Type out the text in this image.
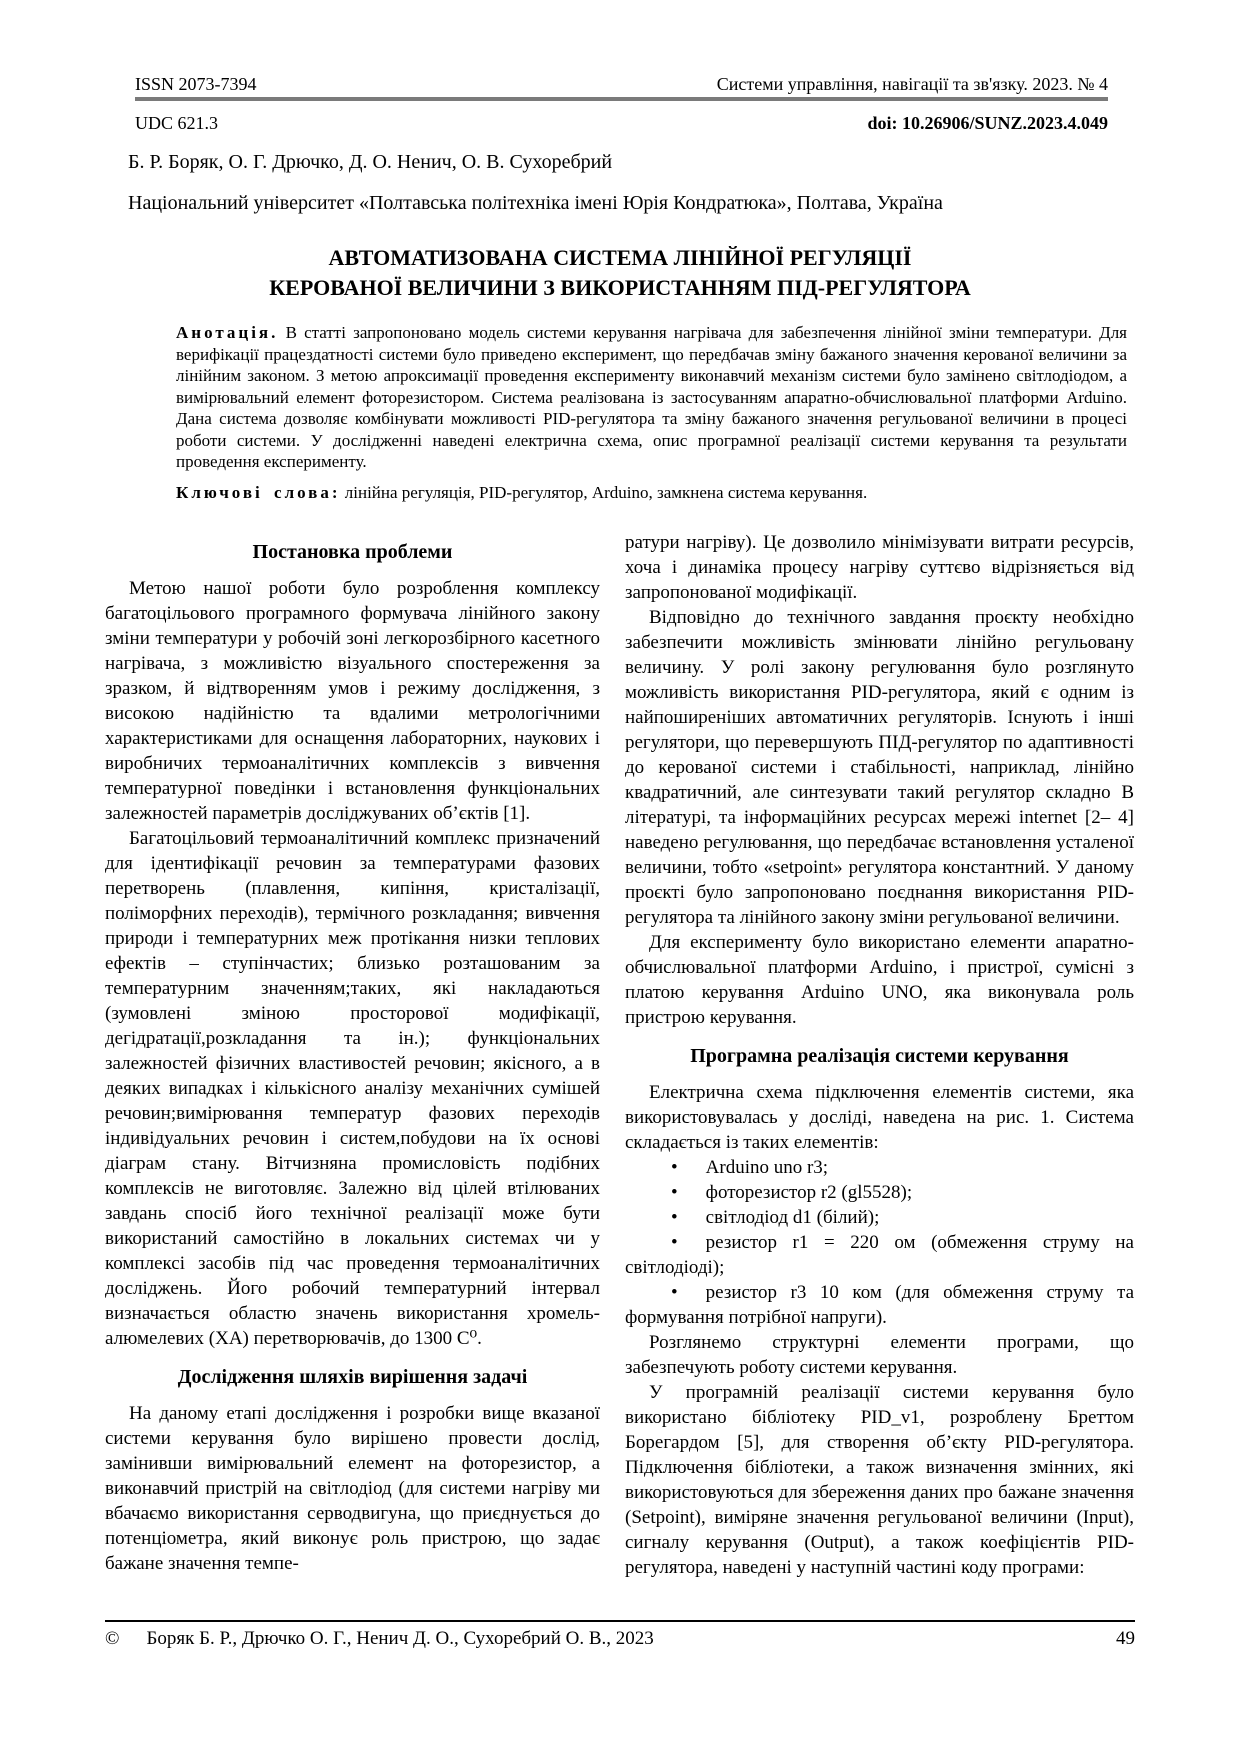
ISSN 2073-7394	Системи управління, навігації та зв'язку. 2023. № 4
UDC 621.3	doi: 10.26906/SUNZ.2023.4.049
Б. Р. Боряк, О. Г. Дрючко, Д. О. Ненич, О. В. Сухоребрий
Національний університет «Полтавська політехніка імені Юрія Кондратюка», Полтава, Україна
АВТОМАТИЗОВАНА СИСТЕМА ЛІНІЙНОЇ РЕГУЛЯЦІЇ
КЕРОВАНОЇ ВЕЛИЧИНИ З ВИКОРИСТАННЯМ ПІД-РЕГУЛЯТОРА

Анотація. В статті запропоновано модель системи керування нагрівача для забезпечення лінійної зміни температури. Для верифікації працездатності системи було приведено експеримент, що передбачав зміну бажаного значення керованої величини за лінійним законом. З метою апроксимації проведення експерименту виконавчий механізм системи було замінено світлодіодом, а вимірювальний елемент фоторезистором. Система реалізована із застосуванням апаратно-обчислювальної платформи Arduino. Дана система дозволяє комбінувати можливості PID-регулятора та зміну бажаного значення регульованої величини в процесі роботи системи. У дослідженні наведені електрична схема, опис програмної реалізації системи керування та результати проведення експерименту.

Ключові слова: лінійна регуляція, PID-регулятор, Arduino, замкнена система керування.

Постановка проблеми

Метою нашої роботи було розроблення комплексу багатоцільового програмного формувача лінійного закону зміни температури у робочій зоні легкорозбірного касетного нагрівача, з можливістю візуального спостереження за зразком, й відтворенням умов і режиму дослідження, з високою надійністю та вдалими метрологічними характеристиками для оснащення лабораторних, наукових і виробничих термоаналітичних комплексів з вивчення температурної поведінки і встановлення функціональних залежностей параметрів досліджуваних об’єктів [1].

Багатоцільовий термоаналітичний комплекс призначений для ідентифікації речовин за температурами фазових перетворень (плавлення, кипіння, кристалізації, поліморфних переходів), термічного розкладання; вивчення природи і температурних меж протікання низки теплових ефектів – ступінчастих; близько розташованим за температурним значенням;таких, які накладаються (зумовлені зміною просторової модифікації, дегідратації,розкладання та ін.); функціональних залежностей фізичних властивостей речовин; якісного, а в деяких випадках і кількісного аналізу механічних сумішей речовин;вимірювання температур фазових переходів індивідуальних речовин і систем,побудови на їх основі діаграм стану. Вітчизняна промисловість подібних комплексів не виготовляє. Залежно від цілей втілюваних завдань спосіб його технічної реалізації може бути використаний самостійно в локальних системах чи у комплексі засобів під час проведення термоаналітичних досліджень. Його робочий температурний інтервал визначається областю значень використання хромель-алюмелевих (ХА) перетворювачів, до 1300 С⁰.

Дослідження шляхів вирішення задачі

На даному етапі дослідження і розробки вище вказаної системи керування було вирішено провести дослід, замінивши вимірювальний елемент на фоторезистор, а виконавчий пристрій на світлодіод (для системи нагріву ми вбачаємо використання серводвигуна, що приєднується до потенціометра, який виконує роль пристрою, що задає бажане значення темпе-

ратури нагріву). Це дозволило мінімізувати витрати ресурсів, хоча і динаміка процесу нагріву суттєво відрізняється від запропонованої модифікації.

Відповідно до технічного завдання проєкту необхідно забезпечити можливість змінювати лінійно регульовану величину. У ролі закону регулювання було розглянуто можливість використання PID-регулятора, який є одним із найпоширеніших автоматичних регуляторів. Існують і інші регулятори, що перевершують ПІД-регулятор по адаптивності до керованої системи і стабільності, наприклад, лінійно квадратичний, але синтезувати такий регулятор складно В літературі, та інформаційних ресурсах мережі internet [2– 4] наведено регулювання, що передбачає встановлення усталеної величини, тобто «setpoint» регулятора константний. У даному проєкті було запропоновано поєднання використання PID-регулятора та лінійного закону зміни регульованої величини.

Для експерименту було використано елементи апаратно-обчислювальної платформи Arduino, і пристрої, сумісні з платою керування Arduino UNO, яка виконувала роль пристрою керування.

Програмна реалізація системи керування

Електрична схема підключення елементів системи, яка використовувалась у досліді, наведена на рис. 1. Система складається із таких елементів:

• Arduino uno r3;

• фоторезистор r2 (gl5528);

• світлодіод d1 (білий);

• резистор r1 = 220 ом (обмеження струму на світлодіоді);

• резистор r3 10 ком (для обмеження струму та формування потрібної напруги).

Розглянемо структурні елементи програми, що забезпечують роботу системи керування.

У програмній реалізації системи керування було використано бібліотеку PID_v1, розроблену Бреттом Борегардом [5], для створення об’єкту PID-регулятора. Підключення бібліотеки, а також визначення змінних, які використовуються для збереження даних про бажане значення (Setpoint), виміряне значення регульованої величини (Input), сигналу керування (Output), а також коефіцієнтів PID-регулятора, наведені у наступній частині коду програми:

© Боряк Б. Р., Дрючко О. Г., Ненич Д. О., Сухоребрий О. В., 2023	49
